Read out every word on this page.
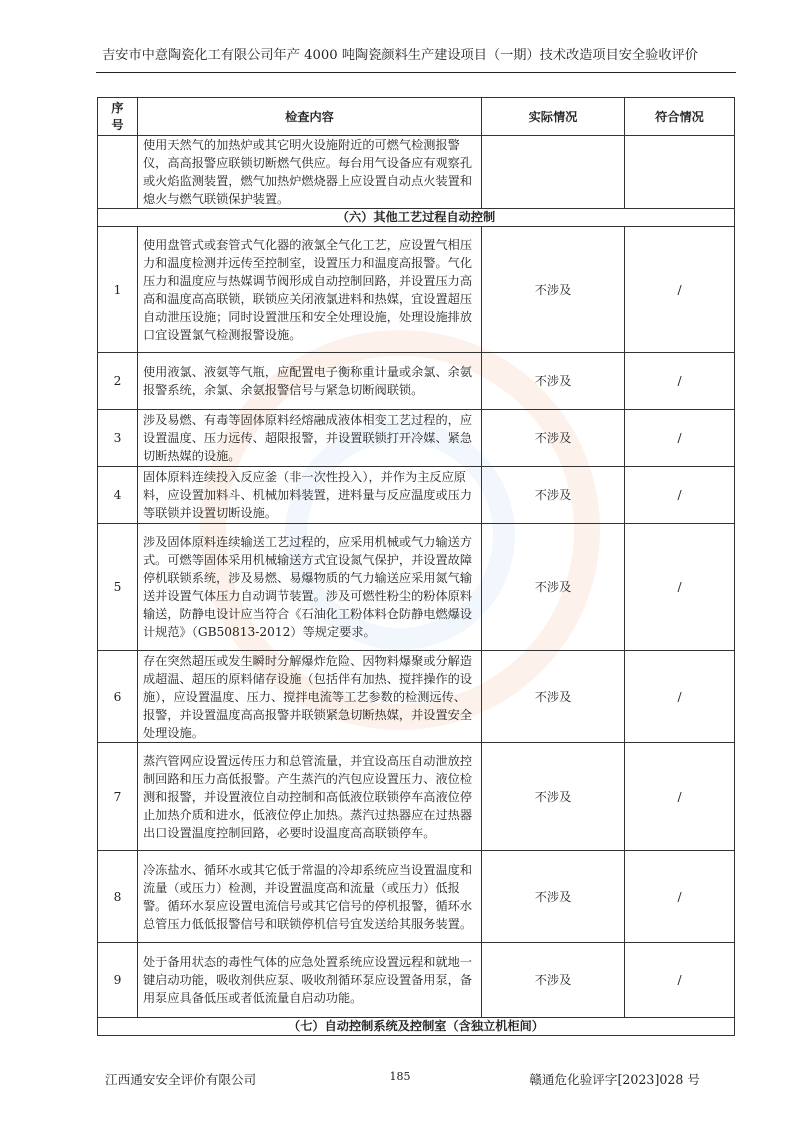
吉安市中意陶瓷化工有限公司年产 4000 吨陶瓷颜料生产建设项目（一期）技术改造项目安全验收评价
序
号	检查内容	实际情况	符合情况
	使用天然气的加热炉或其它明火设施附近的可燃气检测报警仪，高高报警应联锁切断燃气供应。每台用气设备应有观察孔或火焰监测装置，燃气加热炉燃烧器上应设置自动点火装置和熄火与燃气联锁保护装置。		
（六）其他工艺过程自动控制			
1	使用盘管式或套管式气化器的液氯全气化工艺，应设置气相压力和温度检测并远传至控制室，设置压力和温度高报警。气化压力和温度应与热媒调节阀形成自动控制回路，并设置压力高高和温度高高联锁，联锁应关闭液氯进料和热媒，宜设置超压自动泄压设施；同时设置泄压和安全处理设施，处理设施排放口宜设置氯气检测报警设施。	不涉及	/
2	使用液氯、液氨等气瓶，应配置电子衡称重计量或余氯、余氨报警系统，余氯、余氨报警信号与紧急切断阀联锁。	不涉及	/
3	涉及易燃、有毒等固体原料经熔融成液体相变工艺过程的，应设置温度、压力远传、超限报警，并设置联锁打开冷媒、紧急切断热媒的设施。	不涉及	/
4	固体原料连续投入反应釜（非一次性投入），并作为主反应原料，应设置加料斗、机械加料装置，进料量与反应温度或压力等联锁并设置切断设施。	不涉及	/
5	涉及固体原料连续输送工艺过程的，应采用机械或气力输送方式。可燃等固体采用机械输送方式宜设氮气保护，并设置故障停机联锁系统，涉及易燃、易爆物质的气力输送应采用氮气输送并设置气体压力自动调节装置。涉及可燃性粉尘的粉体原料输送，防静电设计应当符合《石油化工粉体料仓防静电燃爆设计规范》（GB50813-2012）等规定要求。	不涉及	/
6	存在突然超压或发生瞬时分解爆炸危险、因物料爆聚或分解造成超温、超压的原料储存设施（包括伴有加热、搅拌操作的设施），应设置温度、压力、搅拌电流等工艺参数的检测远传、报警，并设置温度高高报警并联锁紧急切断热媒，并设置安全处理设施。	不涉及	/
7	蒸汽管网应设置远传压力和总管流量，并宜设高压自动泄放控制回路和压力高低报警。产生蒸汽的汽包应设置压力、液位检测和报警，并设置液位自动控制和高低液位联锁停车高液位停止加热介质和进水，低液位停止加热。蒸汽过热器应在过热器出口设置温度控制回路，必要时设温度高高联锁停车。	不涉及	/
8	冷冻盐水、循环水或其它低于常温的冷却系统应当设置温度和流量（或压力）检测，并设置温度高和流量（或压力）低报警。循环水泵应设置电流信号或其它信号的停机报警，循环水总管压力低低报警信号和联锁停机信号宜发送给其服务装置。	不涉及	/
9	处于备用状态的毒性气体的应急处置系统应设置远程和就地一键启动功能，吸收剂供应泵、吸收剂循环泵应设置备用泵，备用泵应具备低压或者低流量自启动功能。	不涉及	/
（七）自动控制系统及控制室（含独立机柜间）			
江西通安安全评价有限公司	185	赣通危化验评字[2023]028 号
